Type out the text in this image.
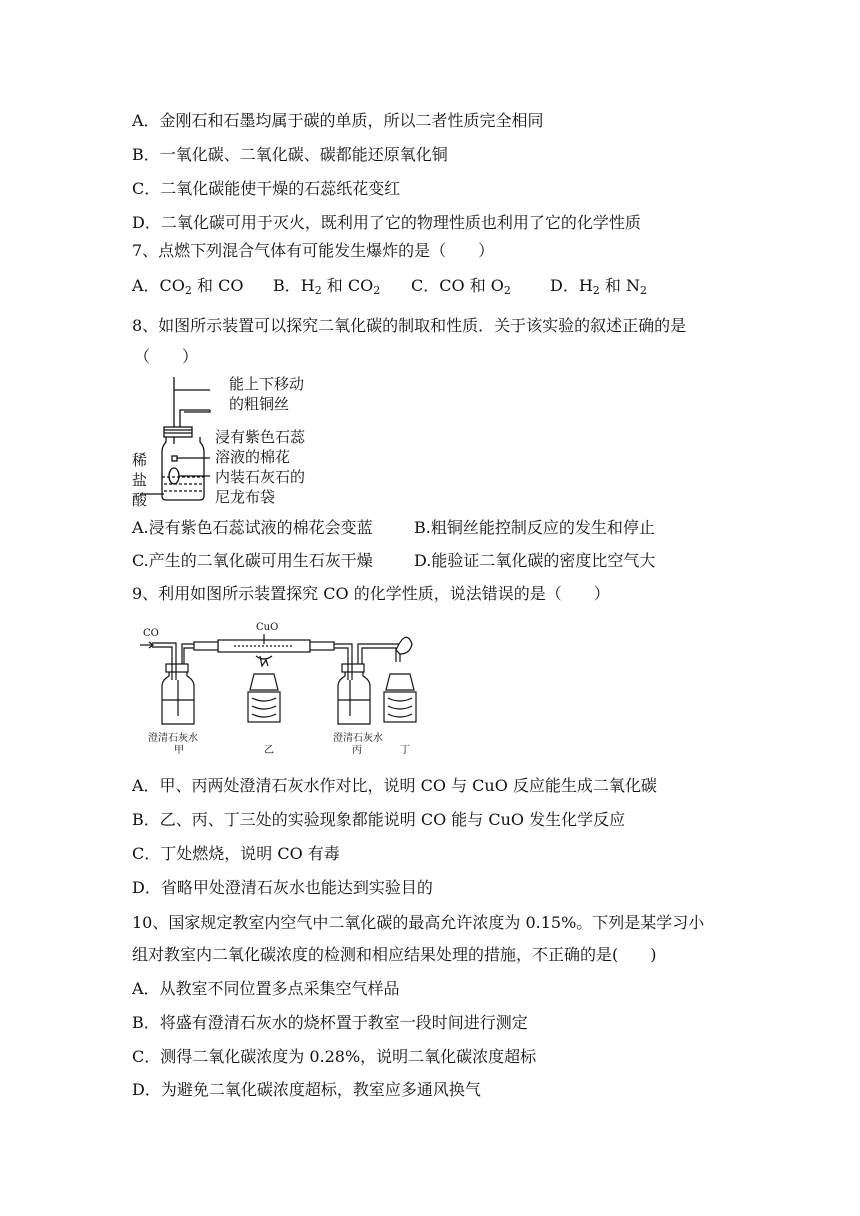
A．金刚石和石墨均属于碳的单质，所以二者性质完全相同
B．一氧化碳、二氧化碳、碳都能还原氧化铜
C．二氧化碳能使干燥的石蕊纸花变红
D．二氧化碳可用于灭火，既利用了它的物理性质也利用了它的化学性质
7、点燃下列混合气体有可能发生爆炸的是（　　）
A．$CO_2$ 和 CO B．$H_2$ 和 $CO_2$ C．CO 和 $O_2$ D．$H_2$ 和 $N_2$
8、如图所示装置可以探究二氧化碳的制取和性质．关于该实验的叙述正确的是
（　　）
能上下移动
的粗铜丝
浸有紫色石蕊
溶液的棉花
内装石灰石的
尼龙布袋
稀
盐
酸
A.浸有紫色石蕊试液的棉花会变蓝	B.粗铜丝能控制反应的发生和停止
C.产生的二氧化碳可用生石灰干燥	D.能验证二氧化碳的密度比空气大
9、利用如图所示装置探究 CO 的化学性质，说法错误的是（　　）
CO
CuO
澄清石灰水
甲	乙
澄清石灰水
丙	丁
A．甲、丙两处澄清石灰水作对比，说明 CO 与 CuO 反应能生成二氧化碳
B．乙、丙、丁三处的实验现象都能说明 CO 能与 CuO 发生化学反应
C．丁处燃烧，说明 CO 有毒
D．省略甲处澄清石灰水也能达到实验目的
10、国家规定教室内空气中二氧化碳的最高允许浓度为 0.15%。下列是某学习小
组对教室内二氧化碳浓度的检测和相应结果处理的措施，不正确的是(　　)
A．从教室不同位置多点采集空气样品
B．将盛有澄清石灰水的烧杯置于教室一段时间进行测定
C．测得二氧化碳浓度为 0.28%，说明二氧化碳浓度超标
D．为避免二氧化碳浓度超标，教室应多通风换气
